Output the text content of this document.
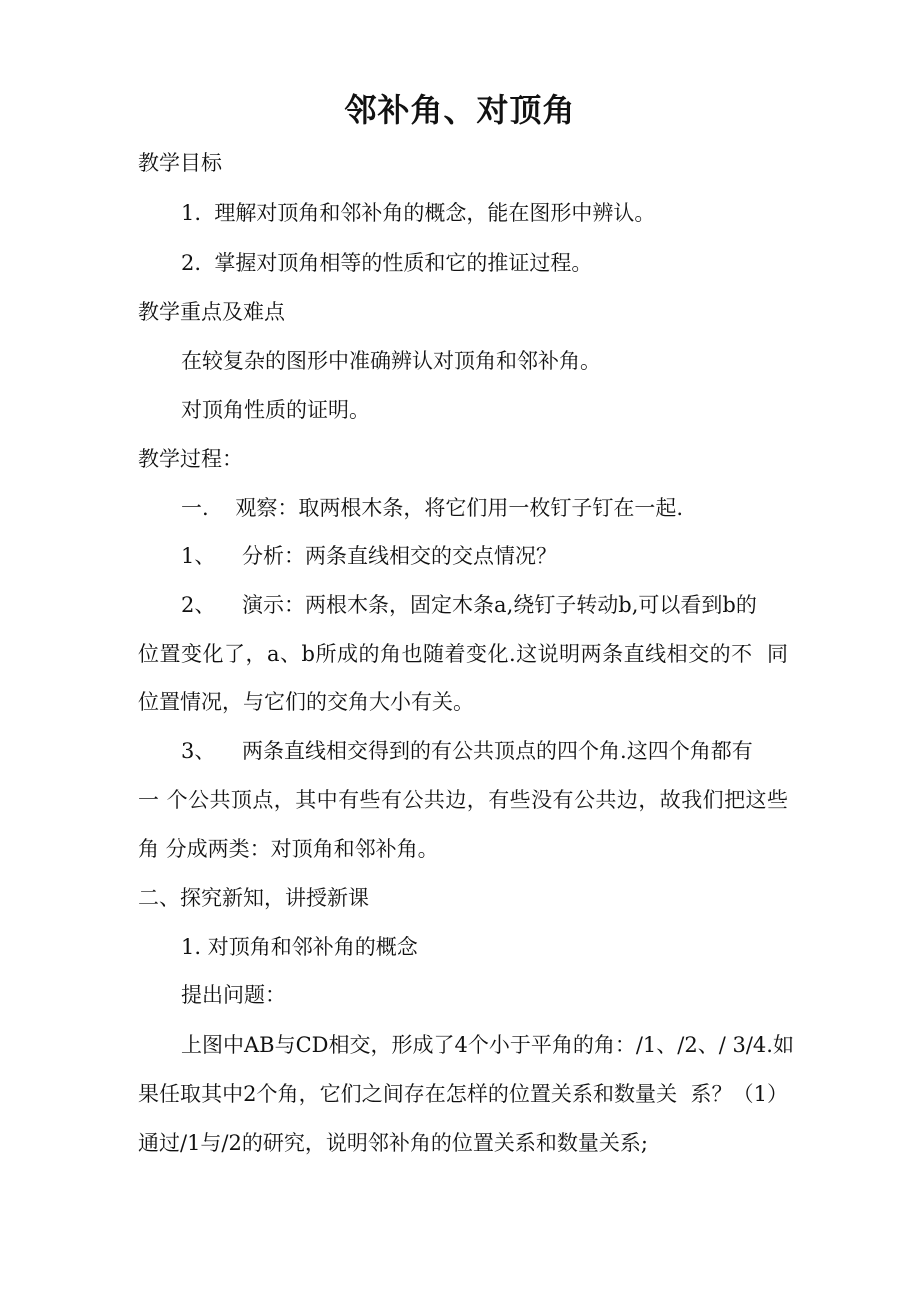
邻补角、对顶角
教学目标
1.  理解对顶角和邻补角的概念，能在图形中辨认。
2.  掌握对顶角相等的性质和它的推证过程。
教学重点及难点
在较复杂的图形中准确辨认对顶角和邻补角。
对顶角性质的证明。
教学过程：
一.    观察：取两根木条，将它们用一枚钉子钉在一起.
1、    分析：两条直线相交的交点情况？
2、    演示：两根木条，固定木条a,绕钉子转动b,可以看到b的
位置变化了，a、b所成的角也随着变化.这说明两条直线相交的不  同
位置情况，与它们的交角大小有关。
3、    两条直线相交得到的有公共顶点的四个角.这四个角都有
一 个公共顶点，其中有些有公共边，有些没有公共边，故我们把这些
角 分成两类：对顶角和邻补角。
二、探究新知，讲授新课
1. 对顶角和邻补角的概念
提出问题：
上图中AB与CD相交，形成了4个小于平角的角：/1、/2、/ 3/4.如
果任取其中2个角，它们之间存在怎样的位置关系和数量关  系？（1）
通过/1与/2的研究，说明邻补角的位置关系和数量关系;
